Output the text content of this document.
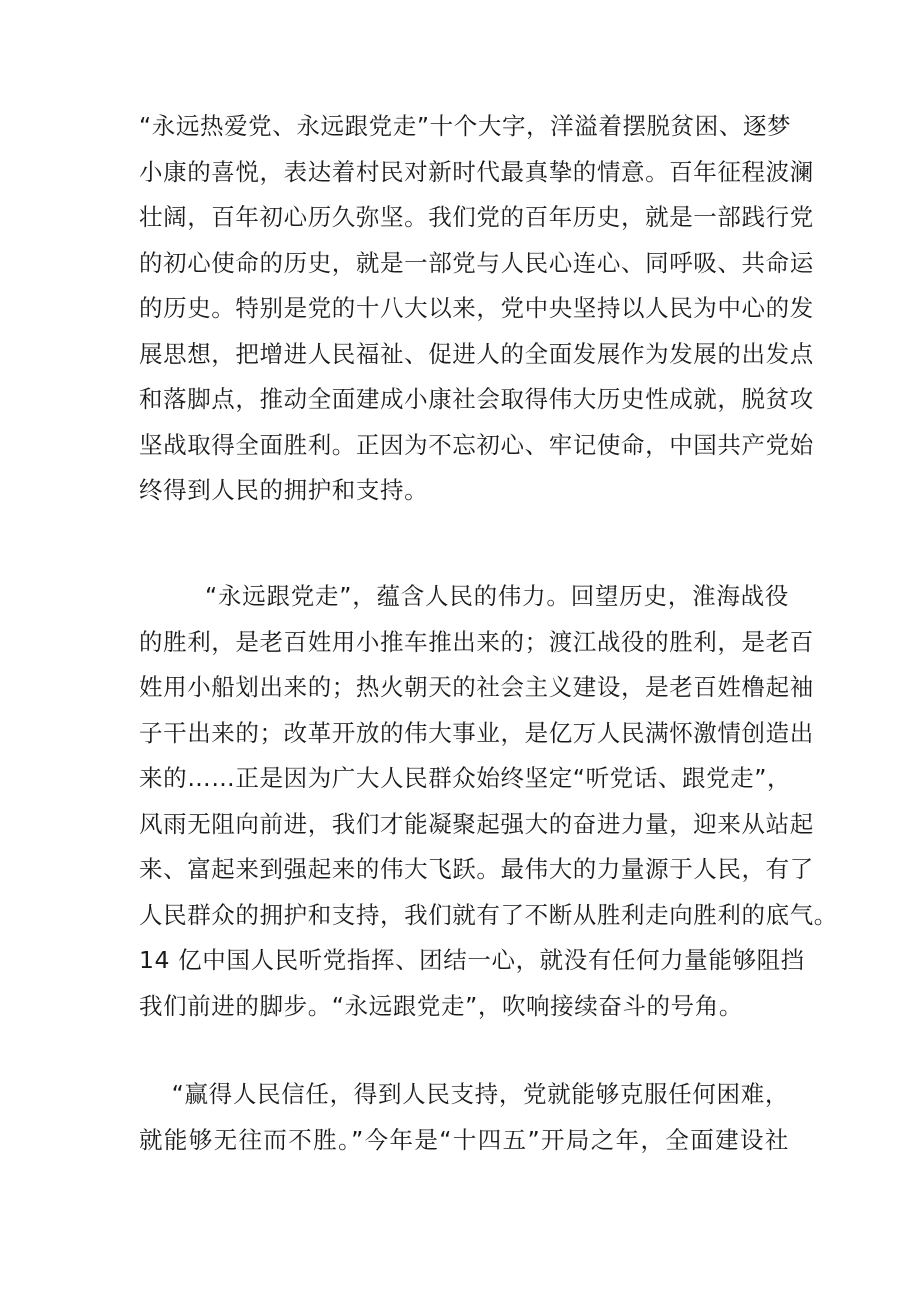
“永远热爱党、永远跟党走”十个大字，洋溢着摆脱贫困、逐梦
小康的喜悦，表达着村民对新时代最真挚的情意。百年征程波澜
壮阔，百年初心历久弥坚。我们党的百年历史，就是一部践行党
的初心使命的历史，就是一部党与人民心连心、同呼吸、共命运
的历史。特别是党的十八大以来，党中央坚持以人民为中心的发
展思想，把增进人民福祉、促进人的全面发展作为发展的出发点
和落脚点，推动全面建成小康社会取得伟大历史性成就，脱贫攻
坚战取得全面胜利。正因为不忘初心、牢记使命，中国共产党始
终得到人民的拥护和支持。
“永远跟党走”，蕴含人民的伟力。回望历史，淮海战役
的胜利，是老百姓用小推车推出来的；渡江战役的胜利，是老百
姓用小船划出来的；热火朝天的社会主义建设，是老百姓橹起袖
子干出来的；改革开放的伟大事业，是亿万人民满怀激情创造出
来的……正是因为广大人民群众始终坚定“听党话、跟党走”，
风雨无阻向前进，我们才能凝聚起强大的奋进力量，迎来从站起
来、富起来到强起来的伟大飞跃。最伟大的力量源于人民，有了
人民群众的拥护和支持，我们就有了不断从胜利走向胜利的底气。
14 亿中国人民听党指挥、团结一心，就没有任何力量能够阻挡
我们前进的脚步。“永远跟党走”，吹响接续奋斗的号角。
“赢得人民信任，得到人民支持，党就能够克服任何困难，
就能够无往而不胜。”今年是“十四五”开局之年，全面建设社
